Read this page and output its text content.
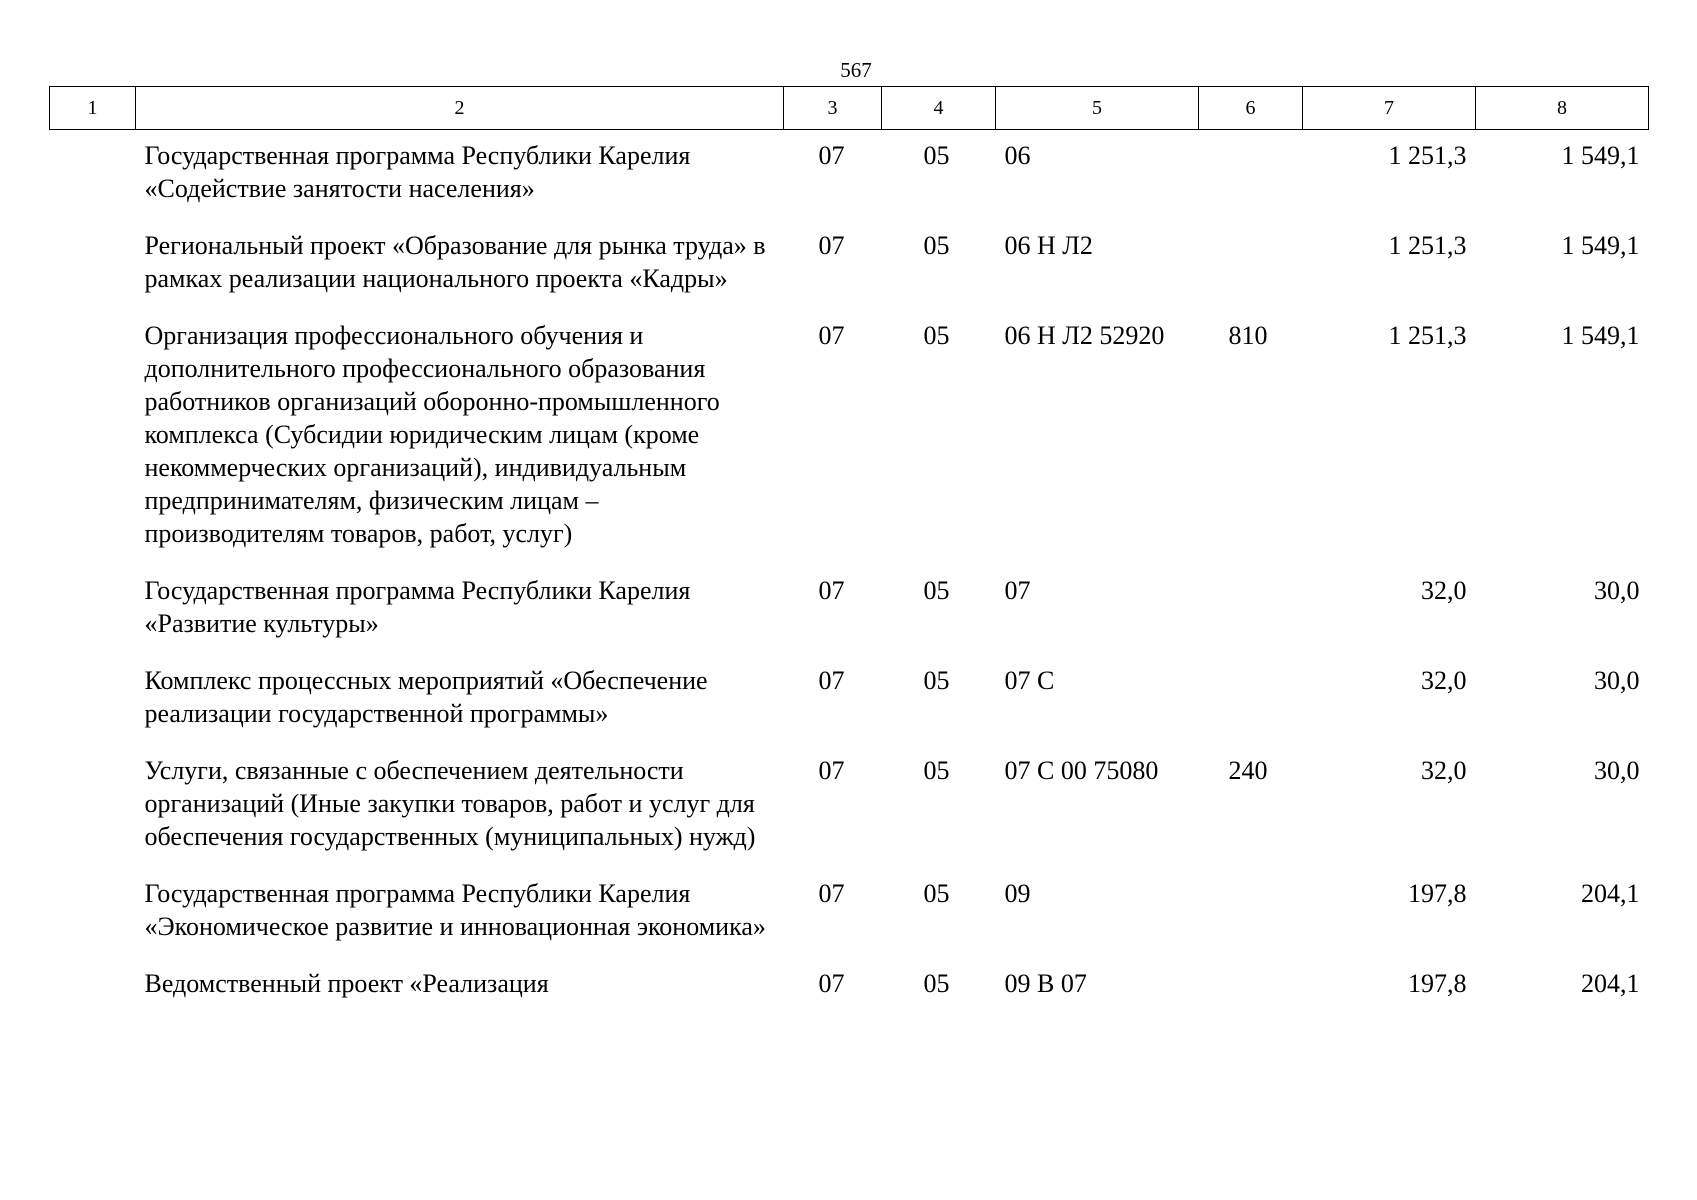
567
1	2	3	4	5	6	7	8
	Государственная программа Республики Карелия «Содействие занятости населения»	07	05	06		1 251,3	1 549,1
	Региональный проект «Образование для рынка труда» в рамках реализации национального проекта «Кадры»	07	05	06 Н Л2		1 251,3	1 549,1
	Организация профессионального обучения и дополнительного профессионального образования работников организаций оборонно-промышленного комплекса (Субсидии юридическим лицам (кроме некоммерческих организаций), индивидуальным предпринимателям, физическим лицам – производителям товаров, работ, услуг)	07	05	06 Н Л2 52920	810	1 251,3	1 549,1
	Государственная программа Республики Карелия «Развитие культуры»	07	05	07		32,0	30,0
	Комплекс процессных мероприятий «Обеспечение реализации государственной программы»	07	05	07 С		32,0	30,0
	Услуги, связанные с обеспечением деятельности организаций (Иные закупки товаров, работ и услуг для обеспечения государственных (муниципальных) нужд)	07	05	07 С 00 75080	240	32,0	30,0
	Государственная программа Республики Карелия «Экономическое развитие и инновационная экономика»	07	05	09		197,8	204,1
	Ведомственный проект «Реализация	07	05	09 В 07		197,8	204,1
